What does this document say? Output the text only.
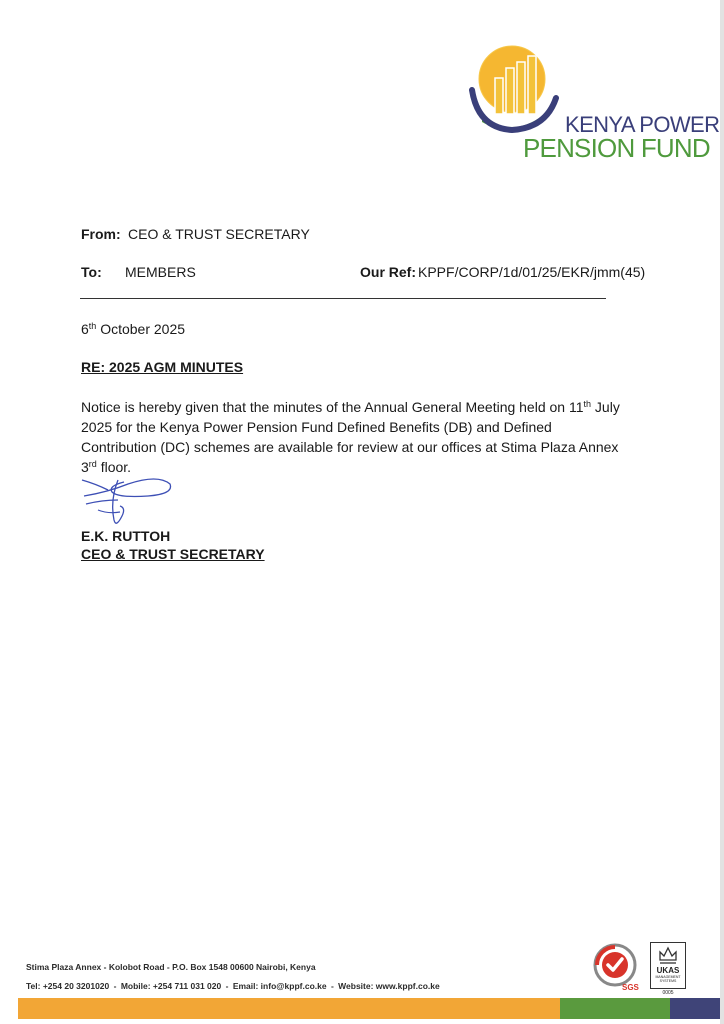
KENYA POWER
PENSION FUND
From: CEO & TRUST SECRETARY
To: MEMBERS	Our Ref: KPPF/CORP/1d/01/25/EKR/jmm(45)
6th October 2025
RE: 2025 AGM MINUTES
Notice is hereby given that the minutes of the Annual General Meeting held on 11th July 2025 for the Kenya Power Pension Fund Defined Benefits (DB) and Defined Contribution (DC) schemes are available for review at our offices at Stima Plaza Annex 3rd floor.
E.K. RUTTOH
CEO & TRUST SECRETARY
Stima Plaza Annex - Kolobot Road - P.O. Box 1548 00600 Nairobi, Kenya
Tel: +254 20 3201020 - Mobile: +254 711 031 020 - Email: info@kppf.co.ke - Website: www.kppf.co.ke	SGS
UKAS
MANAGEMENT SYSTEMS
0005
